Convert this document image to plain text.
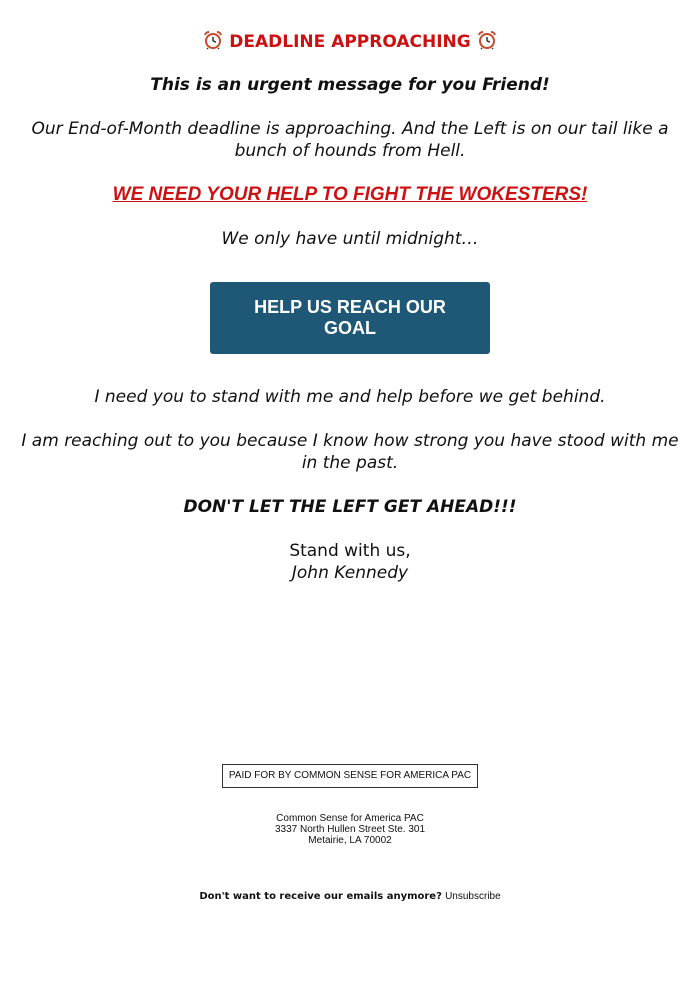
DEADLINE APPROACHING
This is an urgent message for you Friend!
Our End-of-Month deadline is approaching. And the Left is on our tail like a bunch of hounds from Hell.
WE NEED YOUR HELP TO FIGHT THE WOKESTERS!
We only have until midnight…
HELP US REACH OUR GOAL
I need you to stand with me and help before we get behind.
I am reaching out to you because I know how strong you have stood with me in the past.
DON'T LET THE LEFT GET AHEAD!!!
Stand with us,
John Kennedy
PAID FOR BY COMMON SENSE FOR AMERICA PAC
Common Sense for America PAC
3337 North Hullen Street Ste. 301
Metairie, LA 70002
Don't want to receive our emails anymore? Unsubscribe
